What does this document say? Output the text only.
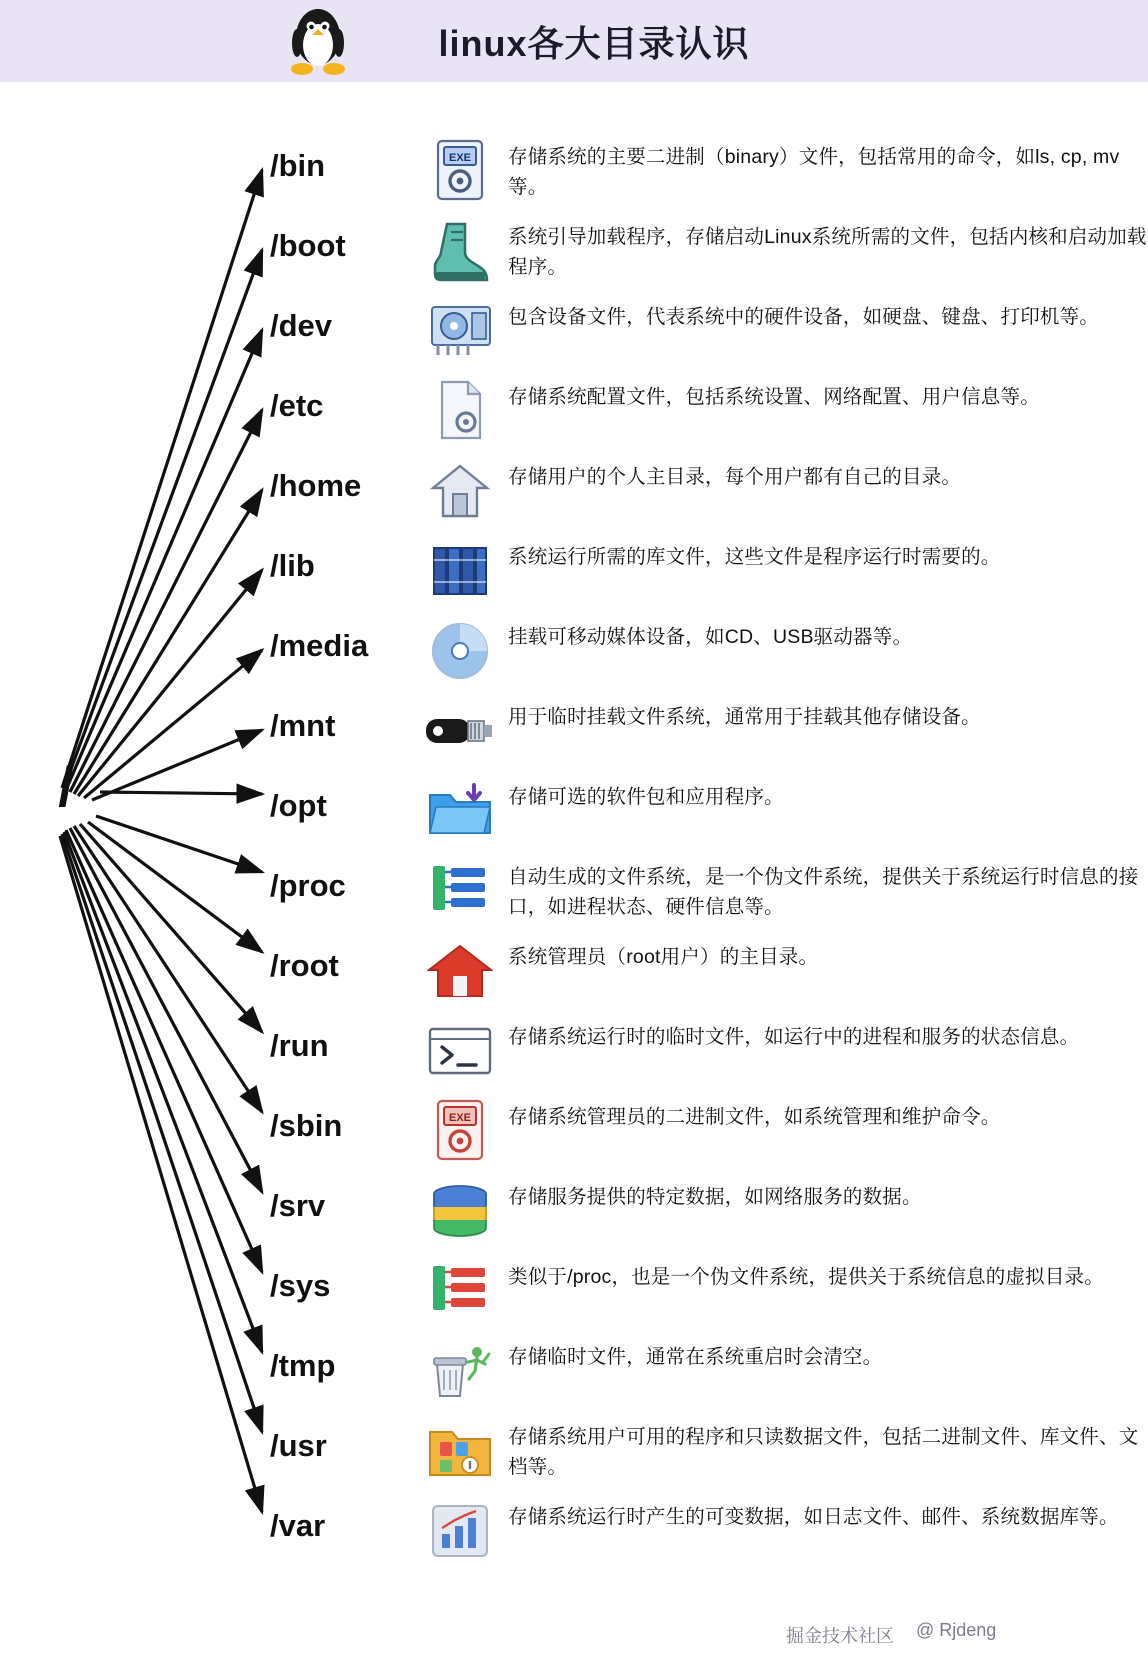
linux各大目录认识
/
/bin	EXE	存储系统的主要二进制（binary）文件，包括常用的命令，如ls, cp, mv等。
/boot	系统引导加载程序，存储启动Linux系统所需的文件，包括内核和启动加载程序。
/dev	包含设备文件，代表系统中的硬件设备，如硬盘、键盘、打印机等。
/etc	存储系统配置文件，包括系统设置、网络配置、用户信息等。
/home	存储用户的个人主目录，每个用户都有自己的目录。
/lib	系统运行所需的库文件，这些文件是程序运行时需要的。
/media	挂载可移动媒体设备，如CD、USB驱动器等。
/mnt	用于临时挂载文件系统，通常用于挂载其他存储设备。
/opt	存储可选的软件包和应用程序。
/proc	自动生成的文件系统，是一个伪文件系统，提供关于系统运行时信息的接口，如进程状态、硬件信息等。
/root	系统管理员（root用户）的主目录。
/run	存储系统运行时的临时文件，如运行中的进程和服务的状态信息。
/sbin	EXE	存储系统管理员的二进制文件，如系统管理和维护命令。
/srv	存储服务提供的特定数据，如网络服务的数据。
/sys	类似于/proc，也是一个伪文件系统，提供关于系统信息的虚拟目录。
/tmp	存储临时文件，通常在系统重启时会清空。
/usr	存储系统用户可用的程序和只读数据文件，包括二进制文件、库文件、文档等。
/var	存储系统运行时产生的可变数据，如日志文件、邮件、系统数据库等。
掘金技术社区 @ Rjdeng
